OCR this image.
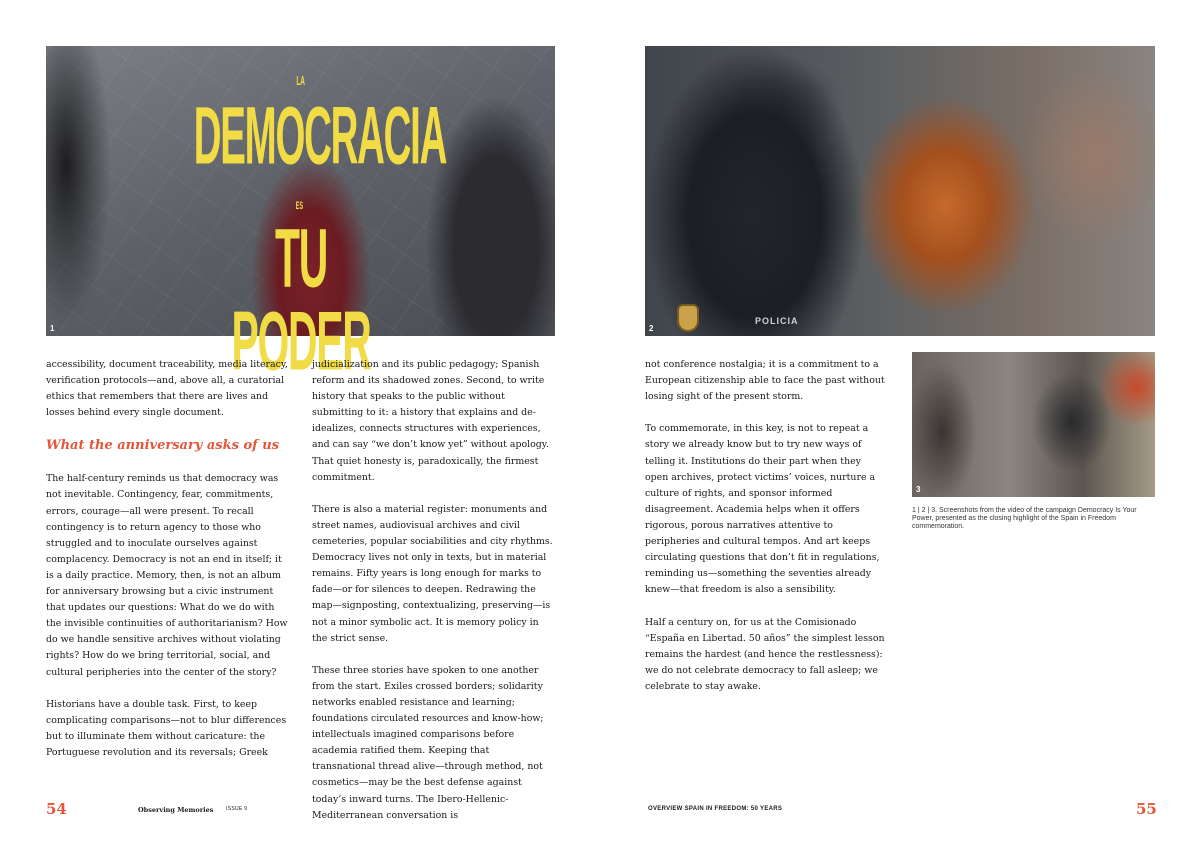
LA
DEMOCRACIA
ES
TU PODER
1
POLICIA
2
3
1 | 2 | 3. Screenshots from the video of the campaign Democracy Is Your Power, presented as the closing highlight of the Spain in Freedom commemoration.

accessibility, document traceability, media literacy, verification protocols—and, above all, a curatorial ethics that remembers that there are lives and losses behind every single document.

What the anniversary asks of us

The half-century reminds us that democracy was not inevitable. Contingency, fear, commitments, errors, courage—all were present. To recall contingency is to return agency to those who struggled and to inoculate ourselves against complacency. Democracy is not an end in itself; it is a daily practice. Memory, then, is not an album for anniversary browsing but a civic instrument that updates our questions: What do we do with the invisible continuities of authoritarianism? How do we handle sensitive archives without violating rights? How do we bring territorial, social, and cultural peripheries into the center of the story?

Historians have a double task. First, to keep complicating comparisons—not to blur differences but to illuminate them without caricature: the Portuguese revolution and its reversals; Greek

judicialization and its public pedagogy; Spanish reform and its shadowed zones. Second, to write history that speaks to the public without submitting to it: a history that explains and de-idealizes, connects structures with experiences, and can say “we don’t know yet” without apology. That quiet honesty is, paradoxically, the firmest commitment.

There is also a material register: monuments and street names, audiovisual archives and civil cemeteries, popular sociabilities and city rhythms. Democracy lives not only in texts, but in material remains. Fifty years is long enough for marks to fade—or for silences to deepen. Redrawing the map—signposting, contextualizing, preserving—is not a minor symbolic act. It is memory policy in the strict sense.

These three stories have spoken to one another from the start. Exiles crossed borders; solidarity networks enabled resistance and learning; foundations circulated resources and know-how; intellectuals imagined comparisons before academia ratified them. Keeping that transnational thread alive—through method, not cosmetics—may be the best defense against today’s inward turns. The Ibero-Hellenic-Mediterranean conversation is

not conference nostalgia; it is a commitment to a European citizenship able to face the past without losing sight of the present storm.

To commemorate, in this key, is not to repeat a story we already know but to try new ways of telling it. Institutions do their part when they open archives, protect victims’ voices, nurture a culture of rights, and sponsor informed disagreement. Academia helps when it offers rigorous, porous narratives attentive to peripheries and cultural tempos. And art keeps circulating questions that don’t fit in regulations, reminding us—something the seventies already knew—that freedom is also a sensibility.

Half a century on, for us at the Comisionado “España en Libertad. 50 años” the simplest lesson remains the hardest (and hence the restlessness): we do not celebrate democracy to fall asleep; we celebrate to stay awake.

54	Observing Memories	ISSUE 9	OVERVIEW SPAIN IN FREEDOM: 50 YEARS	55
